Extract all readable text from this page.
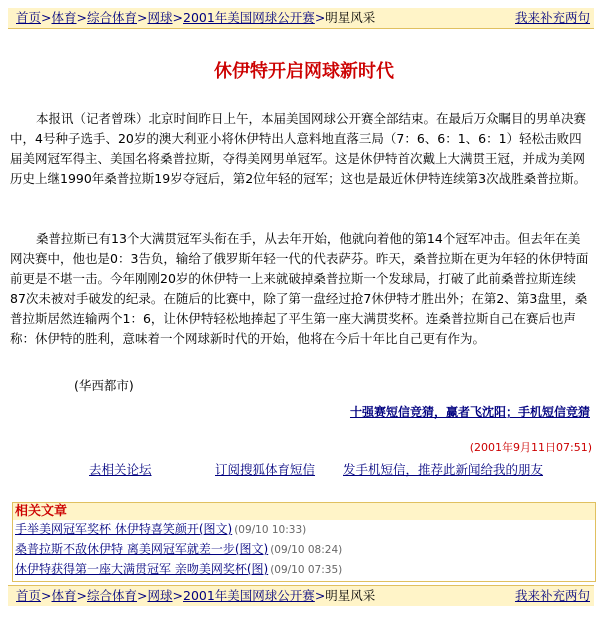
首页>体育>综合体育>网球>2001年美国网球公开赛>明星风采	我来补充两句
休伊特开启网球新时代
本报讯（记者曾珠）北京时间昨日上午，本届美国网球公开赛全部结束。在最后万众瞩目的男单决赛中，4号种子选手、20岁的澳大利亚小将休伊特出人意料地直落三局（7：6、6：1、6：1）轻松击败四届美网冠军得主、美国名将桑普拉斯，夺得美网男单冠军。这是休伊特首次戴上大满贯王冠，并成为美网历史上继1990年桑普拉斯19岁夺冠后，第2位年轻的冠军；这也是最近休伊特连续第3次战胜桑普拉斯。
桑普拉斯已有13个大满贯冠军头衔在手，从去年开始，他就向着他的第14个冠军冲击。但去年在美网决赛中，他也是0：3告负，输给了俄罗斯年轻一代的代表萨芬。昨天，桑普拉斯在更为年轻的休伊特面前更是不堪一击。今年刚刚20岁的休伊特一上来就破掉桑普拉斯一个发球局，打破了此前桑普拉斯连续87次未被对手破发的纪录。在随后的比赛中，除了第一盘经过抢7休伊特才胜出外；在第2、第3盘里，桑普拉斯居然连输两个1：6，让休伊特轻松地捧起了平生第一座大满贯奖杯。连桑普拉斯自己在赛后也声称：休伊特的胜利，意味着一个网球新时代的开始，他将在今后十年比自己更有作为。
(华西都市)
十强赛短信竞猜，赢者飞沈阳；手机短信竞猜
(2001年9月11日07:51)
去相关论坛	订阅搜狐体育短信 发手机短信，推荐此新闻给我的朋友
相关文章
手举美网冠军奖杯 休伊特喜笑颜开(图文) (09/10 10:33)
桑普拉斯不敌休伊特 离美网冠军就差一步(图文) (09/10 08:24)
休伊特获得第一座大满贯冠军 亲吻美网奖杯(图) (09/10 07:35)
首页>体育>综合体育>网球>2001年美国网球公开赛>明星风采	我来补充两句
